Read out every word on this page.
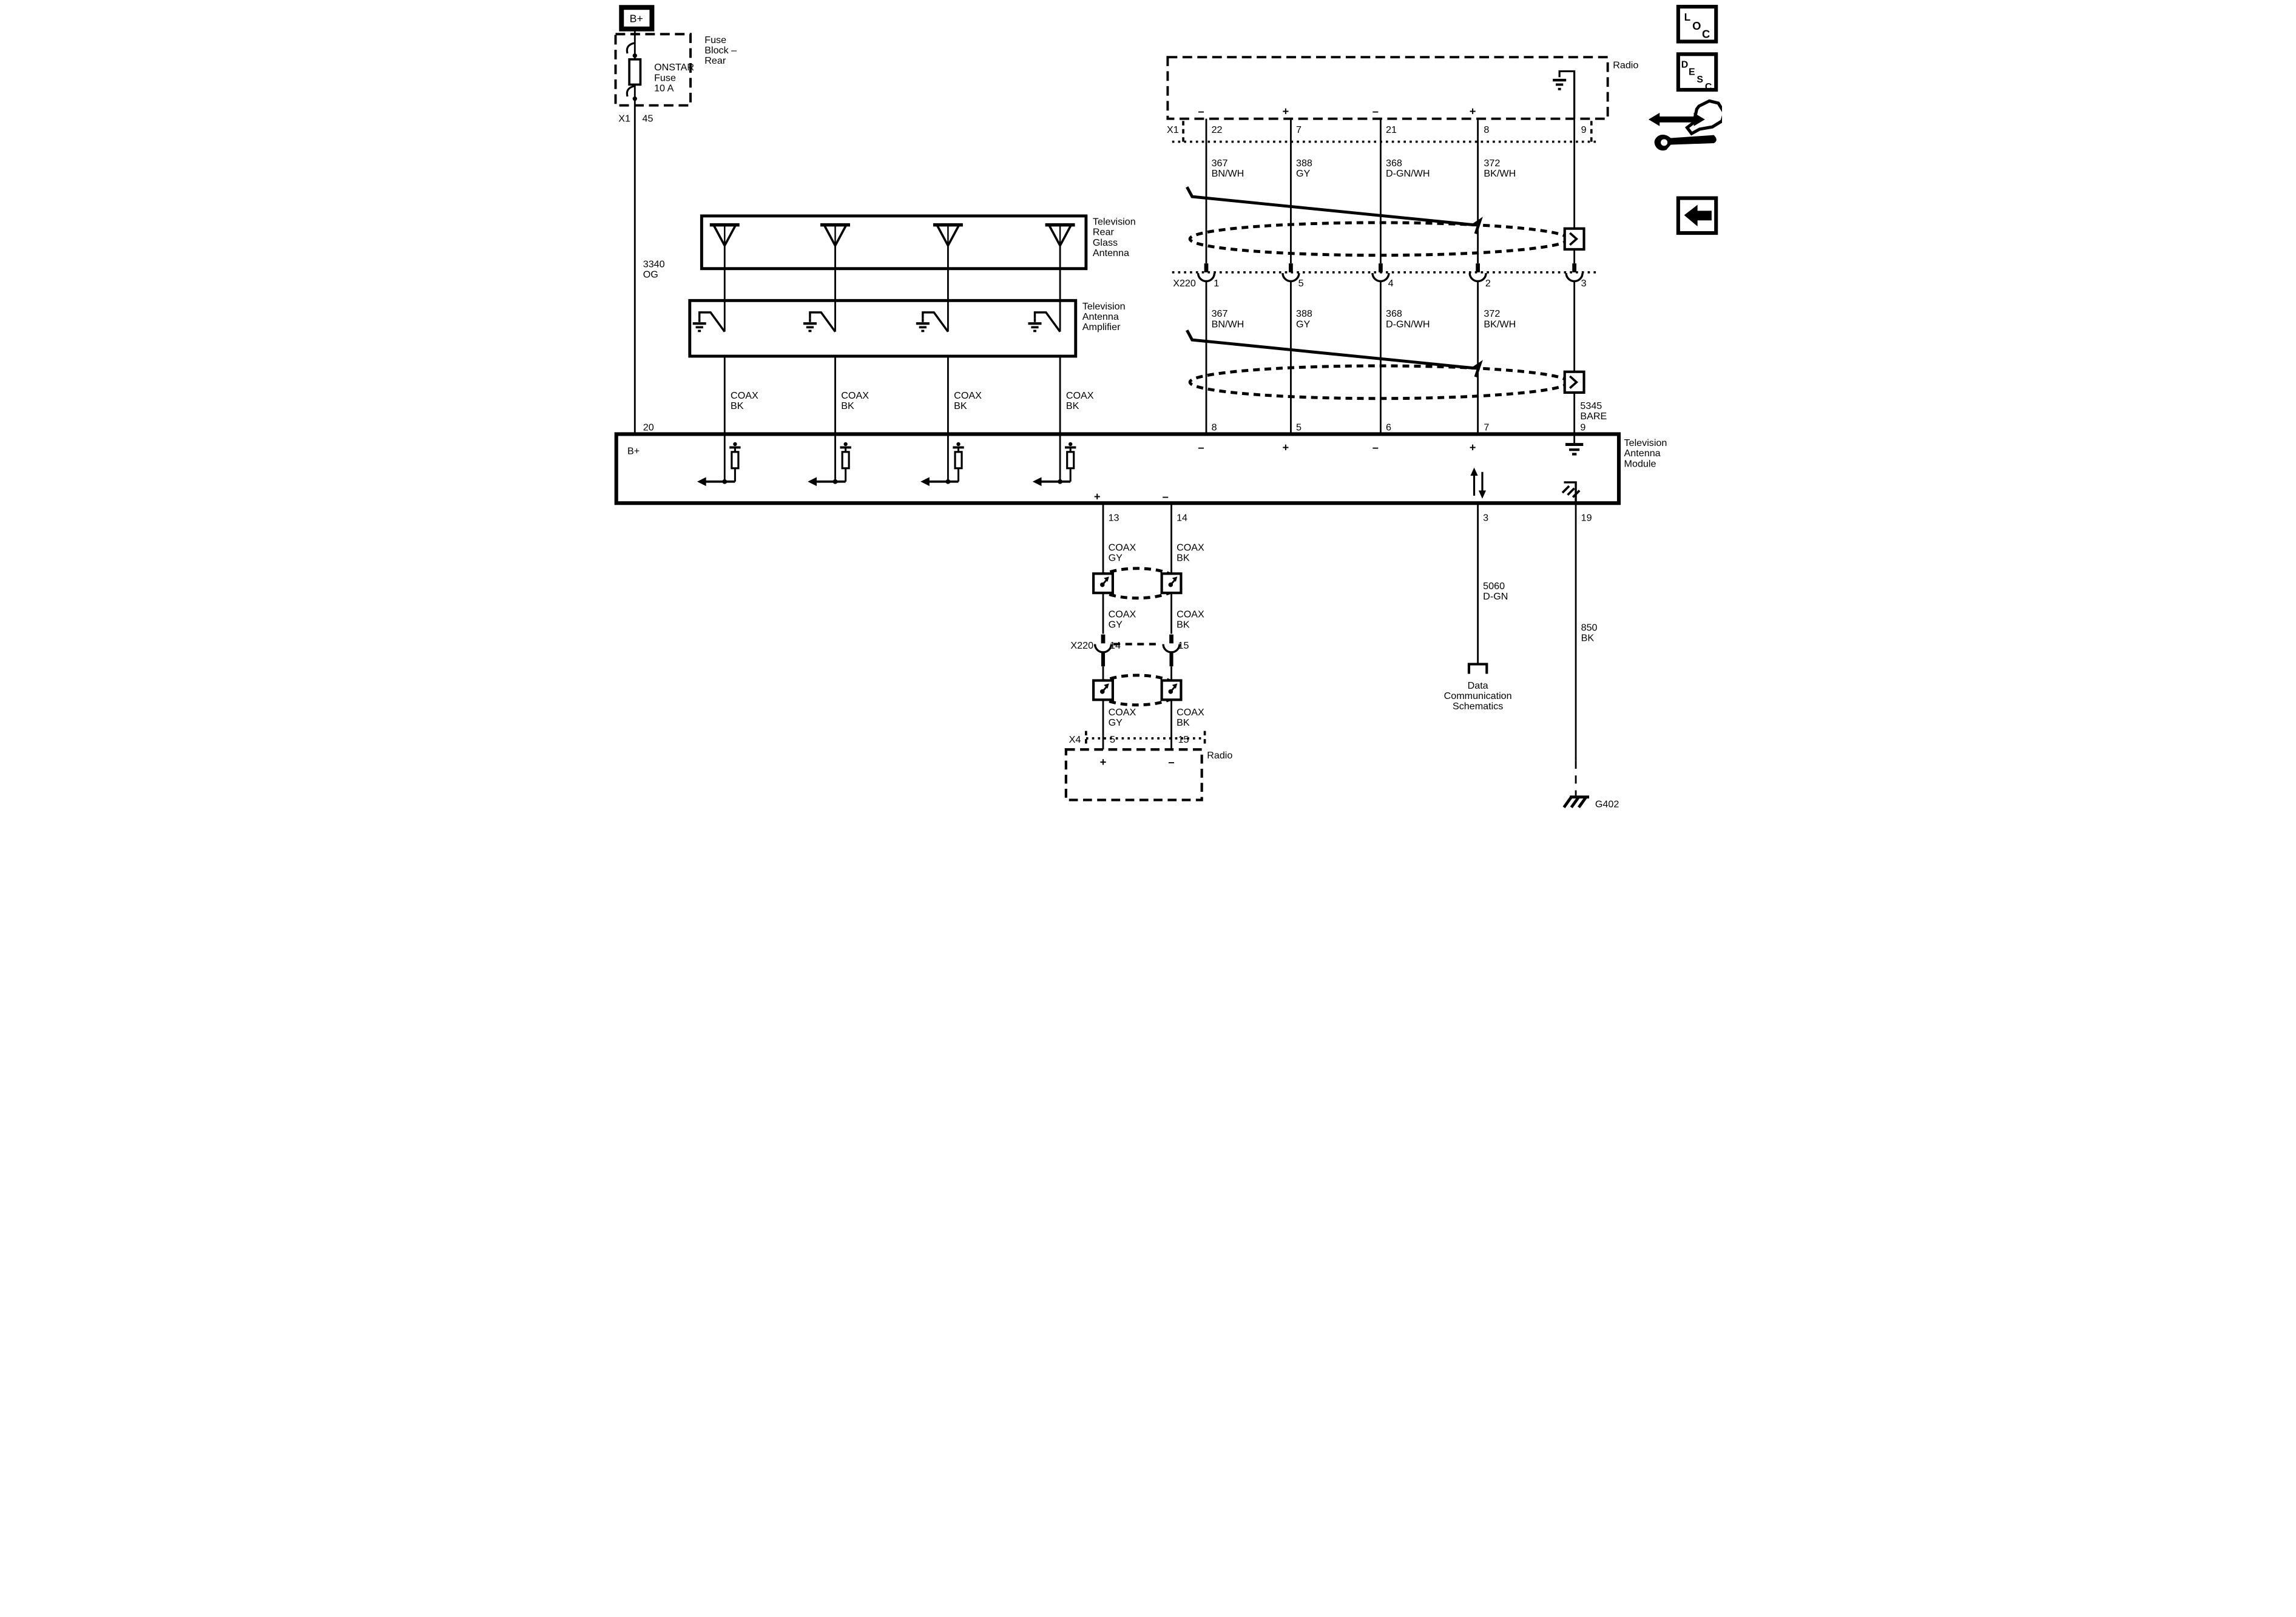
B+
ONSTAR
Fuse
10 A
Fuse
Block –
Rear
X1 45
3340
OG
20
Television
Rear
Glass
Antenna
Television
Antenna
Amplifier
COAX
BK
COAX
BK
COAX
BK
COAX
BK
Radio
–	+	–	+
X1	22	7	21	8	9
367
BN/WH
388
GY
368
D-GN/WH
372
BK/WH
X220 1	5	4	2	3
367
BN/WH
388
GY
368
D-GN/WH
372
BK/WH
5345
BARE
8	5	6	7	9
B+
Television
Antenna
Module
–	+	–	+
+	–
13	14
COAX
GY
COAX
BK
COAX
GY
COAX
BK
X220 14	15
COAX
GY
COAX
BK
X4	5	15
Radio
+	–
3
5060
D-GN
Data
Communication
Schematics
19
850
BK
G402
L
O
C
D
E
S
C
